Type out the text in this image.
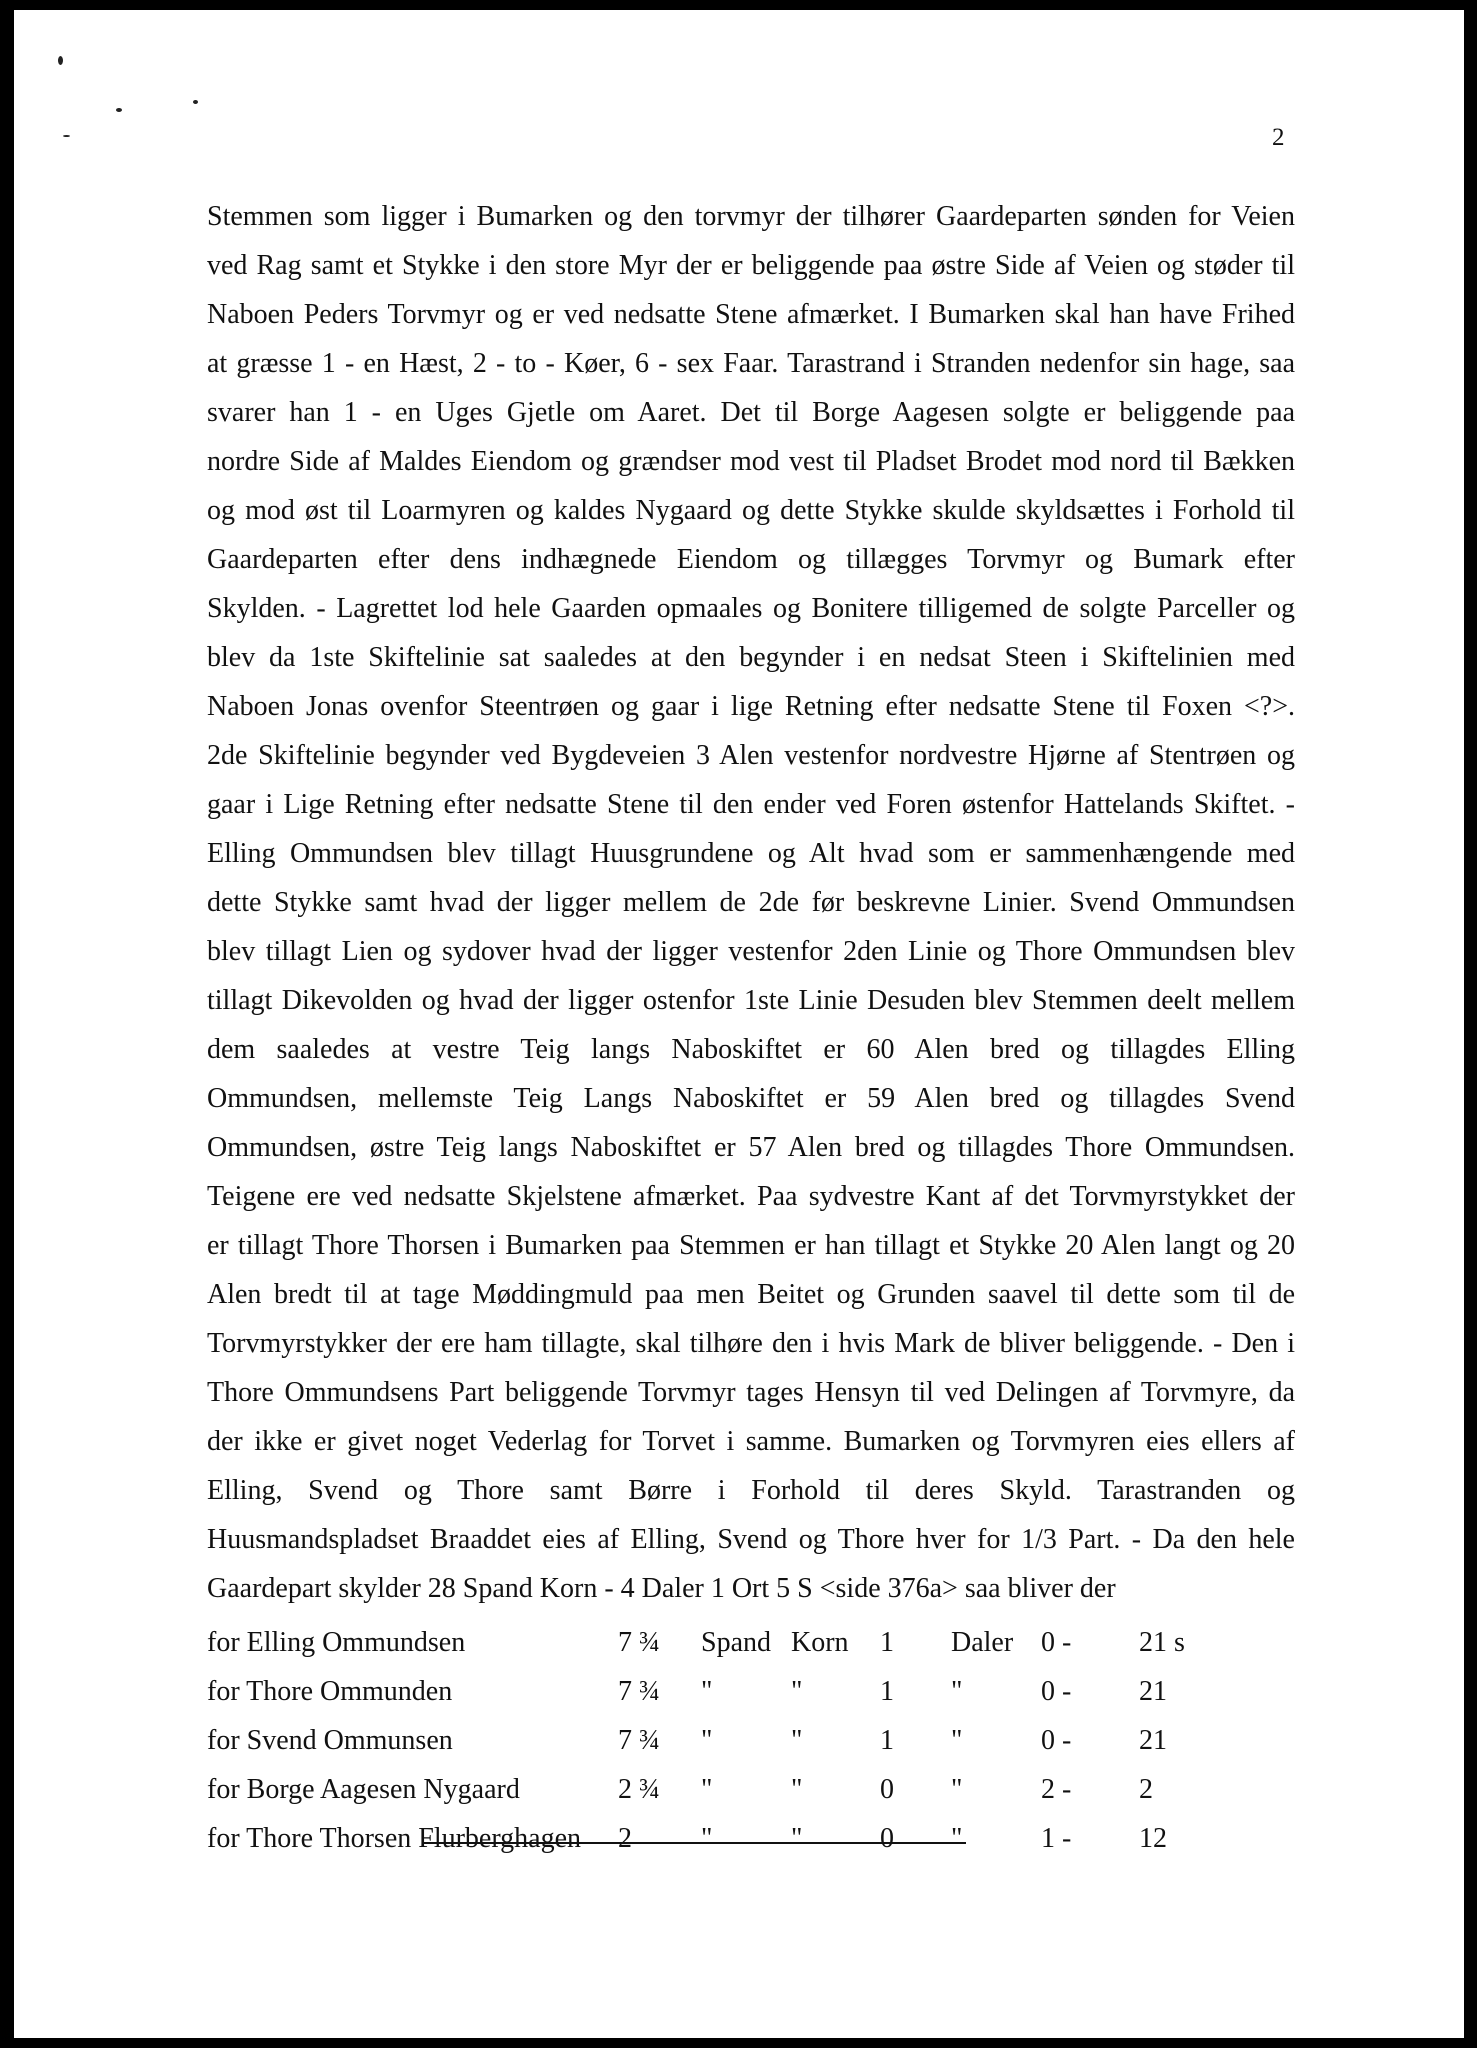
2
Stemmen som ligger i Bumarken og den torvmyr der tilhører Gaardeparten sønden for Veien
ved Rag samt et Stykke i den store Myr der er beliggende paa østre Side af Veien og støder til
Naboen Peders Torvmyr og er ved nedsatte Stene afmærket. I Bumarken skal han have Frihed
at græsse 1 - en Hæst, 2 - to - Køer, 6 - sex Faar. Tarastrand i Stranden nedenfor sin hage, saa
svarer han 1 - en Uges Gjetle om Aaret. Det til Borge Aagesen solgte er beliggende paa
nordre Side af Maldes Eiendom og grændser mod vest til Pladset Brodet mod nord til Bækken
og mod øst til Loarmyren og kaldes Nygaard og dette Stykke skulde skyldsættes i Forhold til
Gaardeparten efter dens indhægnede Eiendom og tillægges Torvmyr og Bumark efter
Skylden. - Lagrettet lod hele Gaarden opmaales og Bonitere tilligemed de solgte Parceller og
blev da 1ste Skiftelinie sat saaledes at den begynder i en nedsat Steen i Skiftelinien med
Naboen Jonas ovenfor Steentrøen og gaar i lige Retning efter nedsatte Stene til Foxen <?>.
2de Skiftelinie begynder ved Bygdeveien 3 Alen vestenfor nordvestre Hjørne af Stentrøen og
gaar i Lige Retning efter nedsatte Stene til den ender ved Foren østenfor Hattelands Skiftet. -
Elling Ommundsen blev tillagt Huusgrundene og Alt hvad som er sammenhængende med
dette Stykke samt hvad der ligger mellem de 2de før beskrevne Linier. Svend Ommundsen
blev tillagt Lien og sydover hvad der ligger vestenfor 2den Linie og Thore Ommundsen blev
tillagt Dikevolden og hvad der ligger ostenfor 1ste Linie Desuden blev Stemmen deelt mellem
dem saaledes at vestre Teig langs Naboskiftet er 60 Alen bred og tillagdes Elling
Ommundsen, mellemste Teig Langs Naboskiftet er 59 Alen bred og tillagdes Svend
Ommundsen, østre Teig langs Naboskiftet er 57 Alen bred og tillagdes Thore Ommundsen.
Teigene ere ved nedsatte Skjelstene afmærket. Paa sydvestre Kant af det Torvmyrstykket der
er tillagt Thore Thorsen i Bumarken paa Stemmen er han tillagt et Stykke 20 Alen langt og 20
Alen bredt til at tage Møddingmuld paa men Beitet og Grunden saavel til dette som til de
Torvmyrstykker der ere ham tillagte, skal tilhøre den i hvis Mark de bliver beliggende. - Den i
Thore Ommundsens Part beliggende Torvmyr tages Hensyn til ved Delingen af Torvmyre, da
der ikke er givet noget Vederlag for Torvet i samme. Bumarken og Torvmyren eies ellers af
Elling, Svend og Thore samt Børre i Forhold til deres Skyld. Tarastranden og
Huusmandspladset Braaddet eies af Elling, Svend og Thore hver for 1/3 Part. - Da den hele
Gaardepart skylder 28 Spand Korn - 4 Daler 1 Ort 5 S <side 376a> saa bliver der
for Elling Ommundsen	7 ¾ Spand Korn 1 Daler 0 - 21 s
for Thore Ommunden	7 ¾ "	"	1 "	0 - 21
for Svend Ommunsen	7 ¾ "	"	1 "	0 - 21
for Borge Aagesen Nygaard	2 ¾ "	"	0 "	2 - 2
for Thore Thorsen Flurberghagen 2 "	"	0 "	1 - 12
